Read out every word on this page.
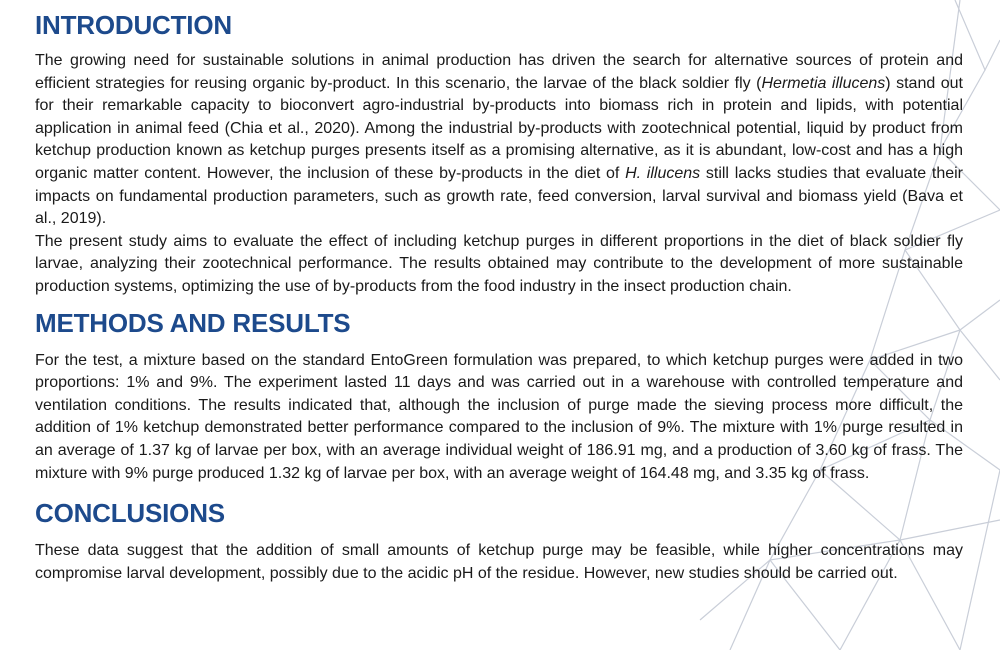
INTRODUCTION

The growing need for sustainable solutions in animal production has driven the search for alternative sources of protein and efficient strategies for reusing organic by-product. In this scenario, the larvae of the black soldier fly (Hermetia illucens) stand out for their remarkable capacity to bioconvert agro-industrial by-products into biomass rich in protein and lipids, with potential application in animal feed (Chia et al., 2020). Among the industrial by-products with zootechnical potential, liquid by product from ketchup production known as ketchup purges presents itself as a promising alternative, as it is abundant, low-cost and has a high organic matter content. However, the inclusion of these by-products in the diet of H. illucens still lacks studies that evaluate their impacts on fundamental production parameters, such as growth rate, feed conversion, larval survival and biomass yield (Bava et al., 2019).

The present study aims to evaluate the effect of including ketchup purges in different proportions in the diet of black soldier fly larvae, analyzing their zootechnical performance. The results obtained may contribute to the development of more sustainable production systems, optimizing the use of by-products from the food industry in the insect production chain.

METHODS AND RESULTS

For the test, a mixture based on the standard EntoGreen formulation was prepared, to which ketchup purges were added in two proportions: 1% and 9%. The experiment lasted 11 days and was carried out in a warehouse with controlled temperature and ventilation conditions. The results indicated that, although the inclusion of purge made the sieving process more difficult, the addition of 1% ketchup demonstrated better performance compared to the inclusion of 9%. The mixture with 1% purge resulted in an average of 1.37 kg of larvae per box, with an average individual weight of 186.91 mg, and a production of 3.60 kg of frass. The mixture with 9% purge produced 1.32 kg of larvae per box, with an average weight of 164.48 mg, and 3.35 kg of frass.

CONCLUSIONS

These data suggest that the addition of small amounts of ketchup purge may be feasible, while higher concentrations may compromise larval development, possibly due to the acidic pH of the residue. However, new studies should be carried out.
